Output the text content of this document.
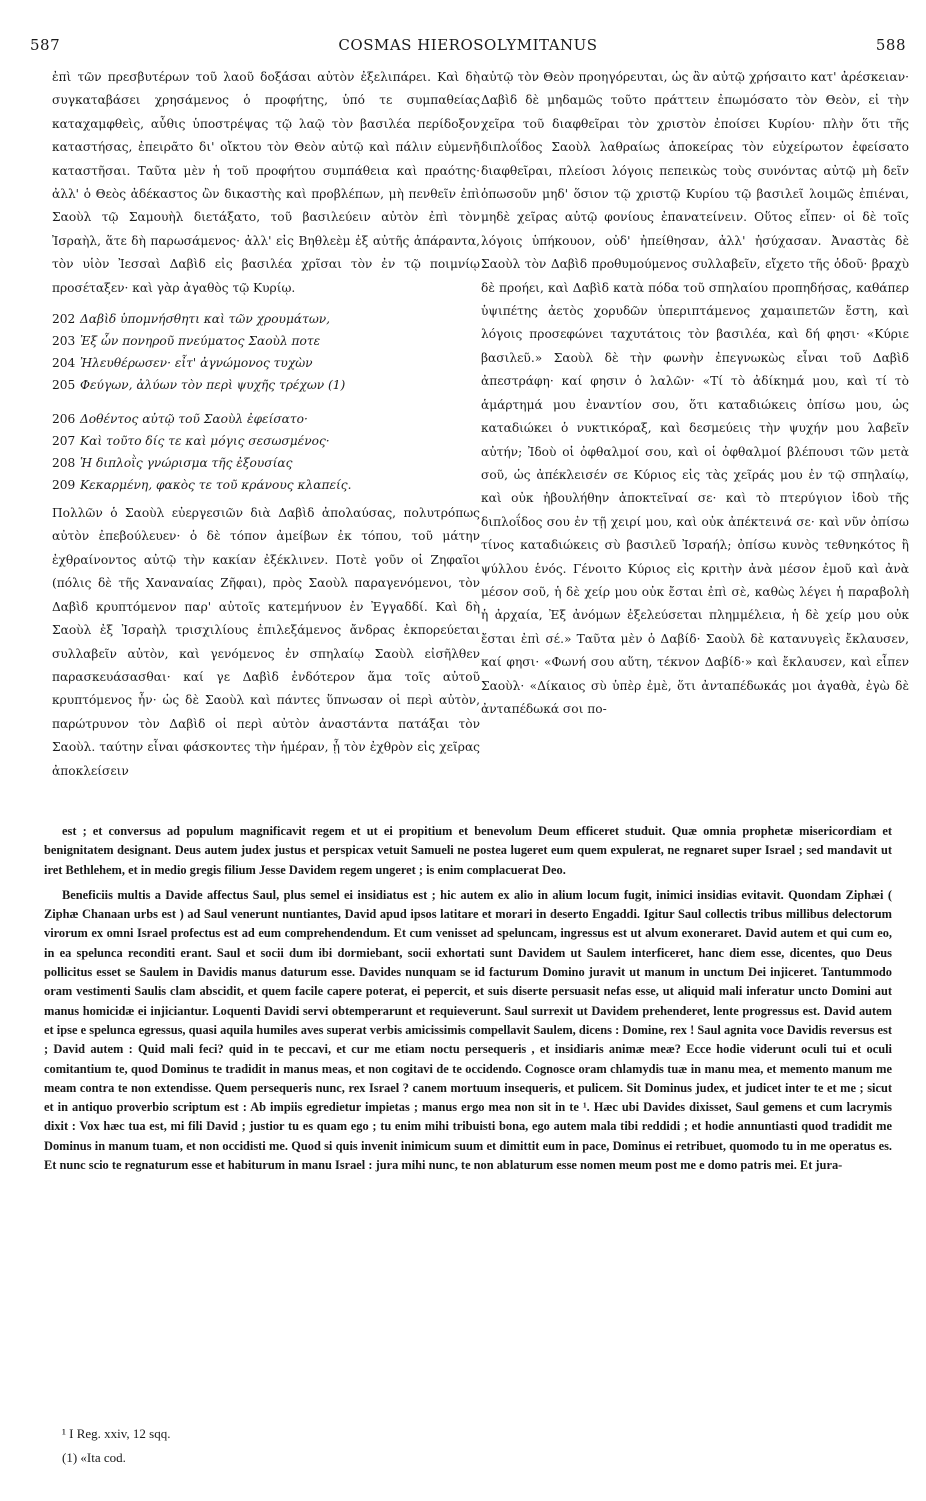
587	COSMAS HIEROSOLYMITANUS	588

ἐπὶ τῶν πρεσβυτέρων τοῦ λαοῦ δοξάσαι αὐτὸν ἐξελιπάρει. Καὶ δὴ συγκαταβάσει χρησάμενος ὁ προφήτης, ὑπό τε συμπαθείας καταχαμφθεὶς, αὖθις ὑποστρέψας τῷ λαῷ τὸν βασιλέα περίδοξον καταστήσας, ἐπειρᾶτο δι' οἴκτου τὸν Θεὸν αὐτῷ καὶ πάλιν εὐμενῆ καταστῆσαι. Ταῦτα μὲν ἡ τοῦ προφήτου συμπάθεια καὶ πραότης· ἀλλ' ὁ Θεὸς ἀδέκαστος ὢν δικαστὴς καὶ προβλέπων, μὴ πενθεῖν ἐπὶ Σαοὺλ τῷ Σαμουὴλ διετάξατο, τοῦ βασιλεύειν αὐτὸν ἐπὶ τὸν Ἰσραὴλ, ἅτε δὴ παρωσάμενος· ἀλλ' εἰς Βηθλεὲμ ἐξ αὐτῆς ἀπάραντα, τὸν υἱὸν Ἰεσσαὶ Δαβὶδ εἰς βασιλέα χρῖσαι τὸν ἐν τῷ ποιμνίῳ προσέταξεν· καὶ γὰρ ἀγαθὸς τῷ Κυρίῳ.

202 Δαβὶδ ὑπομνήσθητι καὶ τῶν χρουμάτων,
203 Ἐξ ὧν πονηροῦ πνεύματος Σαοὺλ ποτε
204 Ἠλευθέρωσεν· εἶτ' ἀγνώμονος τυχὼν
205 Φεύγων, ἀλύων τὸν περὶ ψυχῆς τρέχων (1)
206 Δοθέντος αὐτῷ τοῦ Σαοὺλ ἐφείσατο·
207 Καὶ τοῦτο δίς τε καὶ μόγις σεσωσμένος·
208 Ἡ διπλοῒς γνώρισμα τῆς ἐξουσίας
209 Κεκαρμένη, φακὸς τε τοῦ κράνους κλαπείς.

Πολλῶν ὁ Σαοὺλ εὐεργεσιῶν διὰ Δαβὶδ ἀπολαύσας, πολυτρόπως αὐτὸν ἐπεβούλευεν· ὁ δὲ τόπον ἀμείβων ἐκ τόπου, τοῦ μάτην ἐχθραίνοντος αὐτῷ τὴν κακίαν ἐξέκλινεν. Ποτὲ γοῦν οἱ Ζηφαῖοι (πόλις δὲ τῆς Χαναναίας Ζῆφαι), πρὸς Σαοὺλ παραγενόμενοι, τὸν Δαβὶδ κρυπτόμενον παρ' αὐτοῖς κατεμήνυον ἐν Ἐγγαδδί. Καὶ δὴ Σαοὺλ ἐξ Ἰσραὴλ τρισχιλίους ἐπιλεξάμενος ἄνδρας ἐκπορεύεται συλλαβεῖν αὐτὸν, καὶ γενόμενος ἐν σπηλαίῳ Σαοὺλ εἰσῆλθεν παρασκευάσασθαι· καί γε Δαβὶδ ἐνδότερον ἅμα τοῖς αὐτοῦ κρυπτόμενος ἦν· ὡς δὲ Σαοὺλ καὶ πάντες ὕπνωσαν οἱ περὶ αὐτὸν, παρώτρυνον τὸν Δαβὶδ οἱ περὶ αὐτὸν ἀναστάντα πατάξαι τὸν Σαοὺλ. ταύτην εἶναι φάσκοντες τὴν ἡμέραν, ᾗ τὸν ἐχθρὸν εἰς χεῖρας ἀποκλείσειν

αὐτῷ τὸν Θεὸν προηγόρευται, ὡς ἂν αὐτῷ χρήσαιτο κατ' ἀρέσκειαν· Δαβὶδ δὲ μηδαμῶς τοῦτο πράττειν ἐπωμόσατο τὸν Θεὸν, εἰ τὴν χεῖρα τοῦ διαφθεῖραι τὸν χριστὸν ἐποίσει Κυρίου· πλὴν ὅτι τῆς διπλοΐδος Σαοὺλ λαθραίως ἀποκείρας τὸν εὐχείρωτον ἐφείσατο διαφθεῖραι, πλείοσι λόγοις πεπεικὼς τοὺς συνόντας αὐτῷ μὴ δεῖν ὁπωσοῦν μηδ' ὅσιον τῷ χριστῷ Κυρίου τῷ βασιλεῖ λοιμῶς ἐπιέναι, μηδὲ χεῖρας αὐτῷ φονίους ἐπανατείνειν. Οὕτος εἶπεν· οἱ δὲ τοῖς λόγοις ὑπήκουον, οὐδ' ἠπείθησαν, ἀλλ' ἡσύχασαν. Ἀναστὰς δὲ Σαοὺλ τὸν Δαβὶδ προθυμούμενος συλλαβεῖν, εἴχετο τῆς ὁδοῦ· βραχὺ δὲ προήει, καὶ Δαβὶδ κατὰ πόδα τοῦ σπηλαίου προπηδήσας, καθάπερ ὑψιπέτης ἀετὸς χορυδῶν ὑπεριπτάμενος χαμαιπετῶν ἔστη, καὶ λόγοις προσεφώνει ταχυτάτοις τὸν βασιλέα, καὶ δή φησι· «Κύριε βασιλεῦ.» Σαοὺλ δὲ τὴν φωνὴν ἐπεγνωκὼς εἶναι τοῦ Δαβὶδ ἀπεστράφη· καί φησιν ὁ λαλῶν· «Τί τὸ ἀδίκημά μου, καὶ τί τὸ ἁμάρτημά μου ἐναντίον σου, ὅτι καταδιώκεις ὀπίσω μου, ὡς καταδιώκει ὁ νυκτικόραξ, καὶ δεσμεύεις τὴν ψυχήν μου λαβεῖν αὐτήν; Ἰδοὺ οἱ ὀφθαλμοί σου, καὶ οἱ ὀφθαλμοί βλέπουσι τῶν μετὰ σοῦ, ὡς ἀπέκλεισέν σε Κύριος εἰς τὰς χεῖράς μου ἐν τῷ σπηλαίῳ, καὶ οὐκ ἠβουλήθην ἀποκτεῖναί σε· καὶ τὸ πτερύγιον ἰδοὺ τῆς διπλοΐδος σου ἐν τῇ χειρί μου, καὶ οὐκ ἀπέκτεινά σε· καὶ νῦν ὀπίσω τίνος καταδιώκεις σὺ βασιλεῦ Ἰσραήλ; ὀπίσω κυνὸς τεθνηκότος ἢ ψύλλου ἑνός. Γένοιτο Κύριος εἰς κριτὴν ἀνὰ μέσον ἐμοῦ καὶ ἀνὰ μέσον σοῦ, ἡ δὲ χείρ μου οὐκ ἔσται ἐπὶ σὲ, καθὼς λέγει ἡ παραβολὴ ἡ ἀρχαία, Ἐξ ἀνόμων ἐξελεύσεται πλημμέλεια, ἡ δὲ χείρ μου οὐκ ἔσται ἐπὶ σέ.» Ταῦτα μὲν ὁ Δαβίδ· Σαοὺλ δὲ κατανυγεὶς ἔκλαυσεν, καί φησι· «Φωνή σου αὕτη, τέκνον Δαβίδ·» καὶ ἔκλαυσεν, καὶ εἶπεν Σαοὺλ· «Δίκαιος σὺ ὑπὲρ ἐμὲ, ὅτι ἀνταπέδωκάς μοι ἀγαθὰ, ἐγὼ δὲ ἀνταπέδωκά σοι πο-

est ; et conversus ad populum magnificavit regem et ut ei propitium et benevolum Deum efficeret studuit. Quæ omnia prophetæ misericordiam et benignitatem designant. Deus autem judex justus et perspicax vetuit Samueli ne postea lugeret eum quem expulerat, ne regnaret super Israel ; sed mandavit ut iret Bethlehem, et in medio gregis filium Jesse Davidem regem ungeret ; is enim complacuerat Deo.

Beneficiis multis a Davide affectus Saul, plus semel ei insidiatus est ; hic autem ex alio in alium locum fugit, inimici insidias evitavit. Quondam Ziphæi ( Ziphæ Chanaan urbs est ) ad Saul venerunt nuntiantes, David apud ipsos latitare et morari in deserto Engaddi. Igitur Saul collectis tribus millibus delectorum virorum ex omni Israel profectus est ad eum comprehendendum. Et cum venisset ad speluncam, ingressus est ut alvum exoneraret. David autem et qui cum eo, in ea spelunca reconditi erant. Saul et socii dum ibi dormiebant, socii exhortati sunt Davidem ut Saulem interficeret, hanc diem esse, dicentes, quo Deus pollicitus esset se Saulem in Davidis manus daturum esse. Davides nunquam se id facturum Domino juravit ut manum in unctum Dei injiceret. Tantummodo oram vestimenti Saulis clam abscidit, et quem facile capere poterat, ei pepercit, et suis diserte persuasit nefas esse, ut aliquid mali inferatur uncto Domini aut manus homicidæ ei injiciantur. Loquenti Davidi servi obtemperarunt et requieverunt. Saul surrexit ut Davidem prehenderet, lente progressus est. David autem et ipse e spelunca egressus, quasi aquila humiles aves superat verbis amicissimis compellavit Saulem, dicens : Domine, rex ! Saul agnita voce Davidis reversus est ; David autem : Quid mali feci? quid in te peccavi, et cur me etiam noctu persequeris , et insidiaris animæ meæ? Ecce hodie viderunt oculi tui et oculi comitantium te, quod Dominus te tradidit in manus meas, et non cogitavi de te occidendo. Cognosce oram chlamydis tuæ in manu mea, et memento manum me meam contra te non extendisse. Quem persequeris nunc, rex Israel ? canem mortuum insequeris, et pulicem. Sit Dominus judex, et judicet inter te et me ; sicut et in antiquo proverbio scriptum est : Ab impiis egredietur impietas ; manus ergo mea non sit in te ¹. Hæc ubi Davides dixisset, Saul gemens et cum lacrymis dixit : Vox hæc tua est, mi fili David ; justior tu es quam ego ; tu enim mihi tribuisti bona, ego autem mala tibi reddidi ; et hodie annuntiasti quod tradidit me Dominus in manum tuam, et non occidisti me. Quod si quis invenit inimicum suum et dimittit eum in pace, Dominus ei retribuet, quomodo tu in me operatus es. Et nunc scio te regnaturum esse et habiturum in manu Israel : jura mihi nunc, te non ablaturum esse nomen meum post me e domo patris mei. Et jura-

¹ I Reg. xxiv, 12 sqq.
(1) «Ita cod.
